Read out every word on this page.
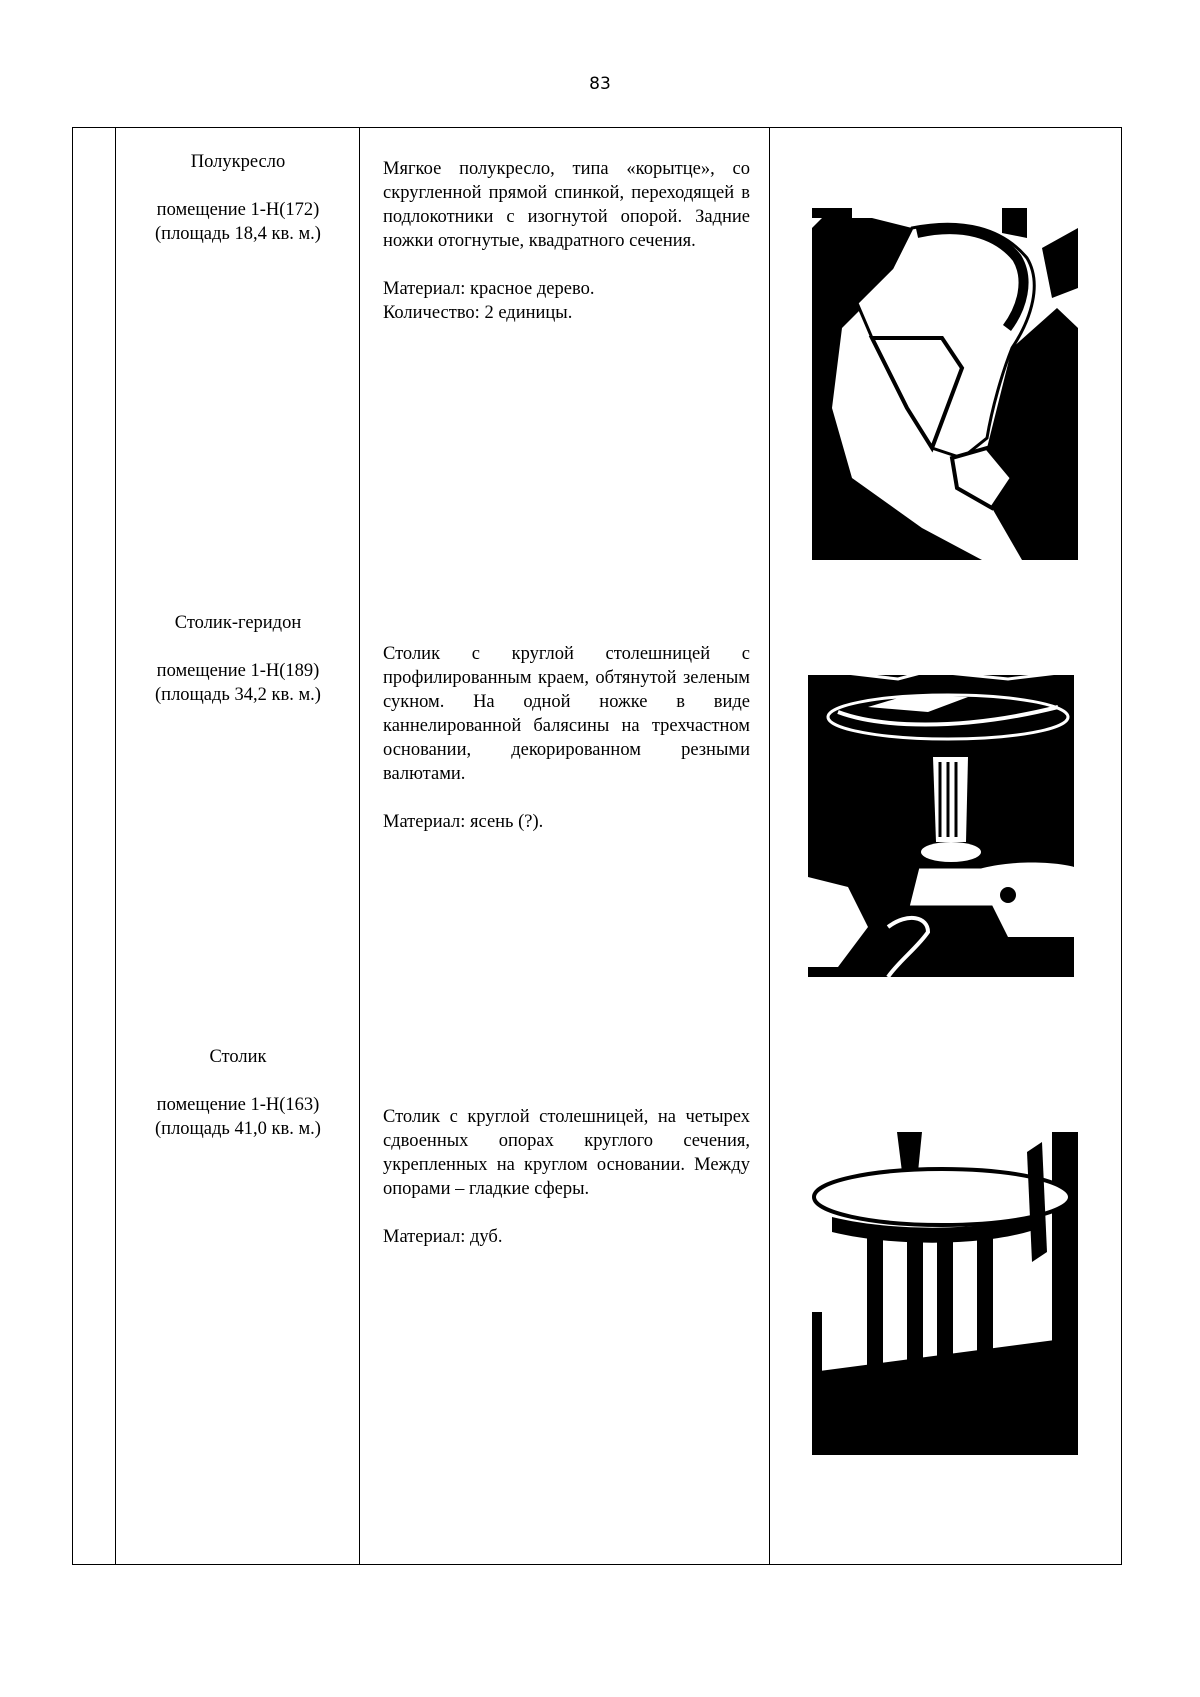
83
Полукресло
помещение 1-Н(172)
(площадь 18,4 кв. м.)

Мягкое полукресло, типа «корытце», со скругленной прямой спинкой, переходящей в подлокотники с изогнутой опорой. Задние ножки отогнутые, квадратного сечения.

Материал: красное дерево.
Количество: 2 единицы.
Столик-геридон
помещение 1-Н(189)
(площадь 34,2 кв. м.)

Столик с круглой столешницей с профилированным краем, обтянутой зеленым сукном. На одной ножке в виде каннелированной балясины на трехчастном основании, декорированном резными валютами.

Материал: ясень (?).
Столик
помещение 1-Н(163)
(площадь 41,0 кв. м.)

Столик с круглой столешницей, на четырех сдвоенных опорах круглого сечения, укрепленных на круглом основании. Между опорами – гладкие сферы.

Материал: дуб.
